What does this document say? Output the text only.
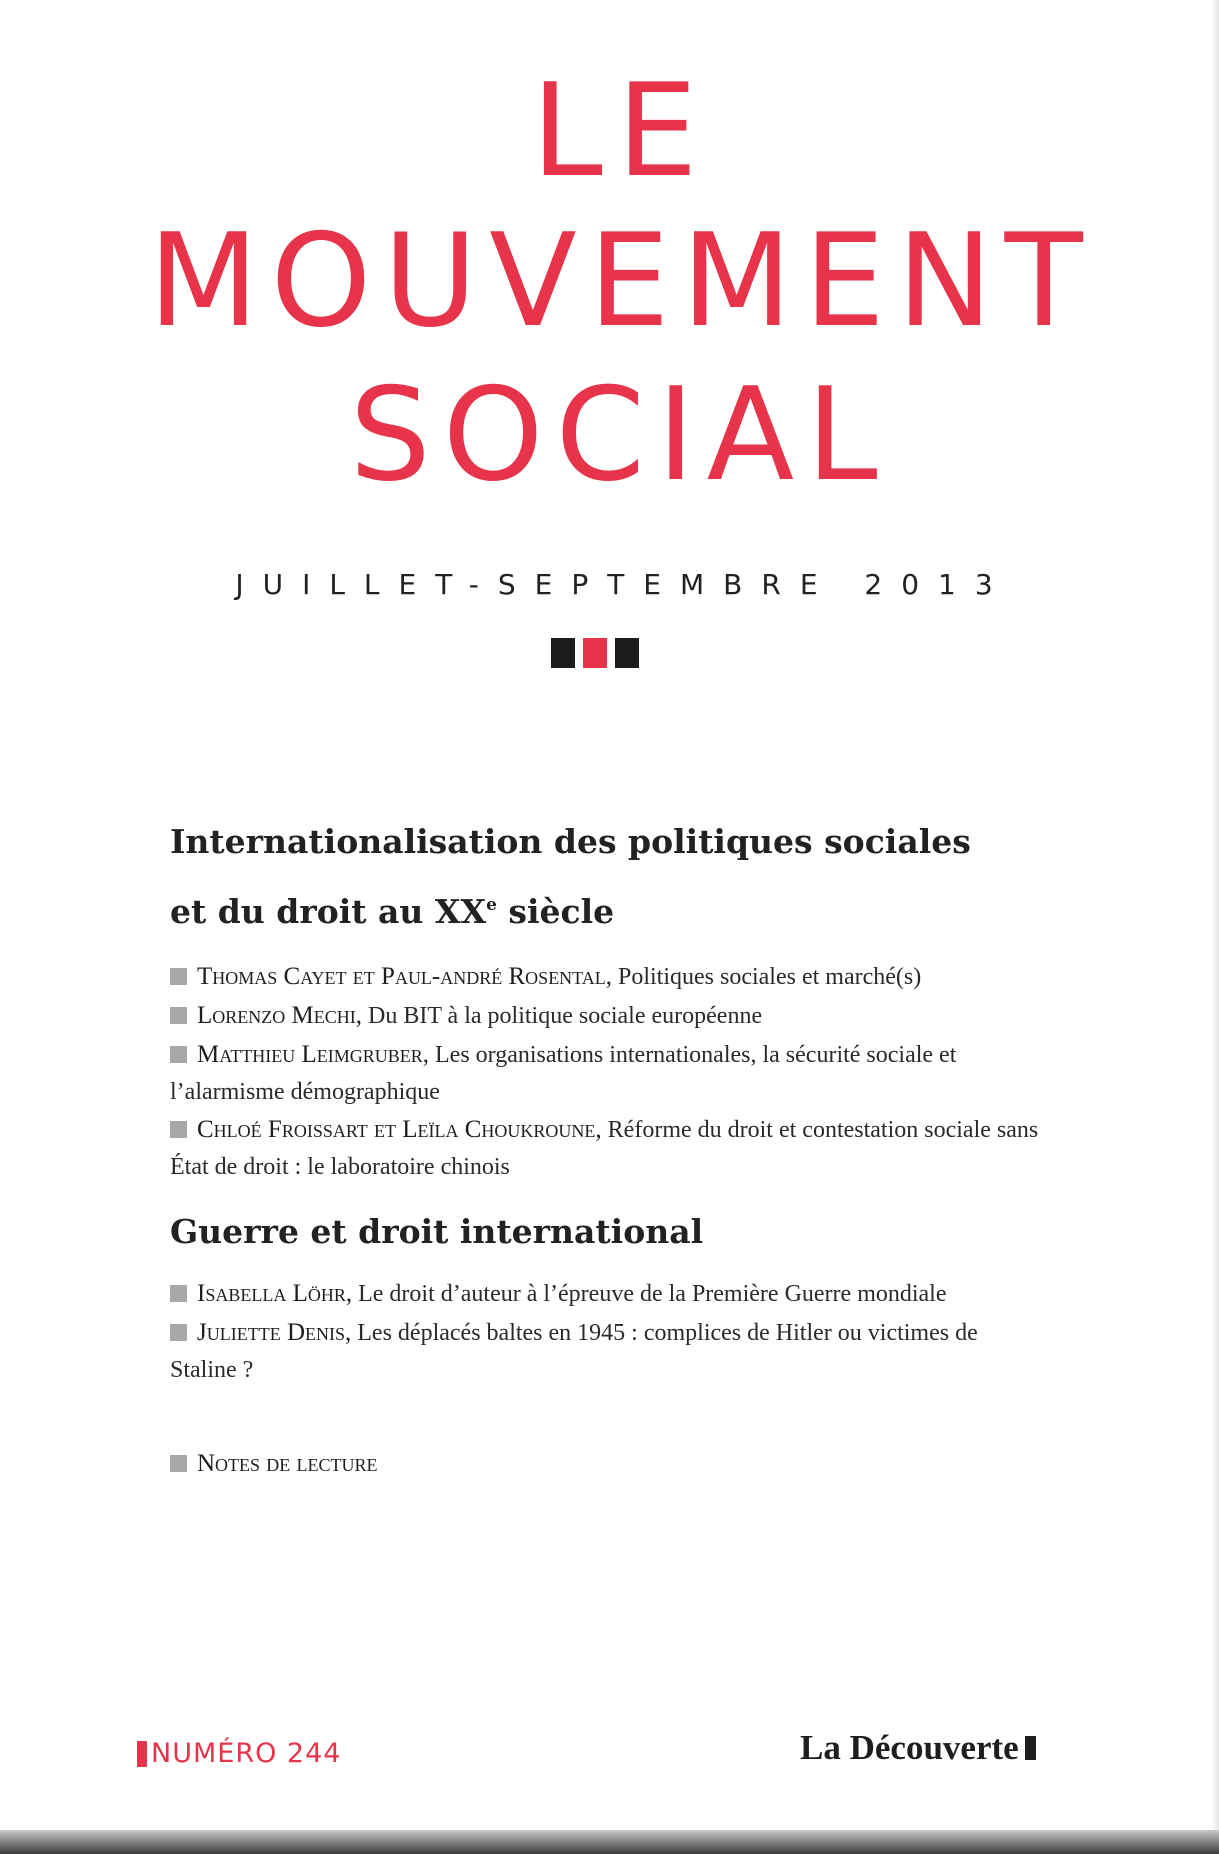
LE
MOUVEMENT
SOCIAL
JUILLET-SEPTEMBRE 2013
Internationalisation des politiques sociales
et du droit au XXe siècle
Thomas Cayet et Paul-andré Rosental, Politiques sociales et marché(s)
Lorenzo Mechi, Du BIT à la politique sociale européenne
Matthieu Leimgruber, Les organisations internationales, la sécurité sociale et l’alarmisme démographique
Chloé Froissart et Leïla Choukroune, Réforme du droit et contestation sociale sans État de droit : le laboratoire chinois
Guerre et droit international
Isabella Löhr, Le droit d’auteur à l’épreuve de la Première Guerre mondiale
Juliette Denis, Les déplacés baltes en 1945 : complices de Hitler ou victimes de Staline ?
Notes de lecture
NUMÉRO 244	La Découverte
